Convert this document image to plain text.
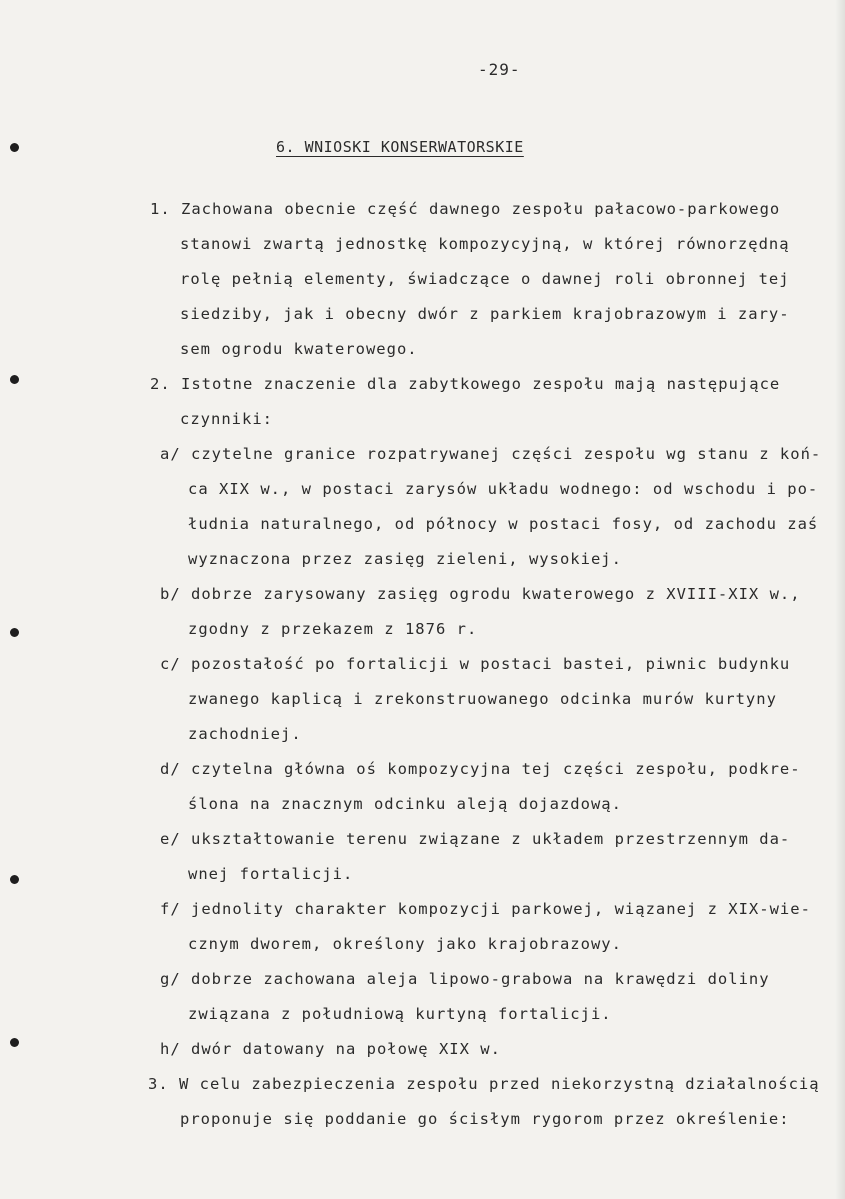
-29-
6. WNIOSKI KONSERWATORSKIE
1. Zachowana obecnie część dawnego zespołu pałacowo-parkowego
stanowi zwartą jednostkę kompozycyjną, w której równorzędną
rolę pełnią elementy, świadczące o dawnej roli obronnej tej
siedziby, jak i obecny dwór z parkiem krajobrazowym i zary-
sem ogrodu kwaterowego.
2. Istotne znaczenie dla zabytkowego zespołu mają następujące
czynniki:
a/ czytelne granice rozpatrywanej części zespołu wg stanu z koń-
ca XIX w., w postaci zarysów układu wodnego: od wschodu i po-
łudnia naturalnego, od północy w postaci fosy, od zachodu zaś
wyznaczona przez zasięg zieleni, wysokiej.
b/ dobrze zarysowany zasięg ogrodu kwaterowego z XVIII-XIX w.,
zgodny z przekazem z 1876 r.
c/ pozostałość po fortalicji w postaci bastei, piwnic budynku
zwanego kaplicą i zrekonstruowanego odcinka murów kurtyny
zachodniej.
d/ czytelna główna oś kompozycyjna tej części zespołu, podkre-
ślona na znacznym odcinku aleją dojazdową.
e/ ukształtowanie terenu związane z układem przestrzennym da-
wnej fortalicji.
f/ jednolity charakter kompozycji parkowej, wiązanej z XIX-wie-
cznym dworem, określony jako krajobrazowy.
g/ dobrze zachowana aleja lipowo-grabowa na krawędzi doliny
związana z południową kurtyną fortalicji.
h/ dwór datowany na połowę XIX w.
3. W celu zabezpieczenia zespołu przed niekorzystną działalnością
proponuje się poddanie go ścisłym rygorom przez określenie:
